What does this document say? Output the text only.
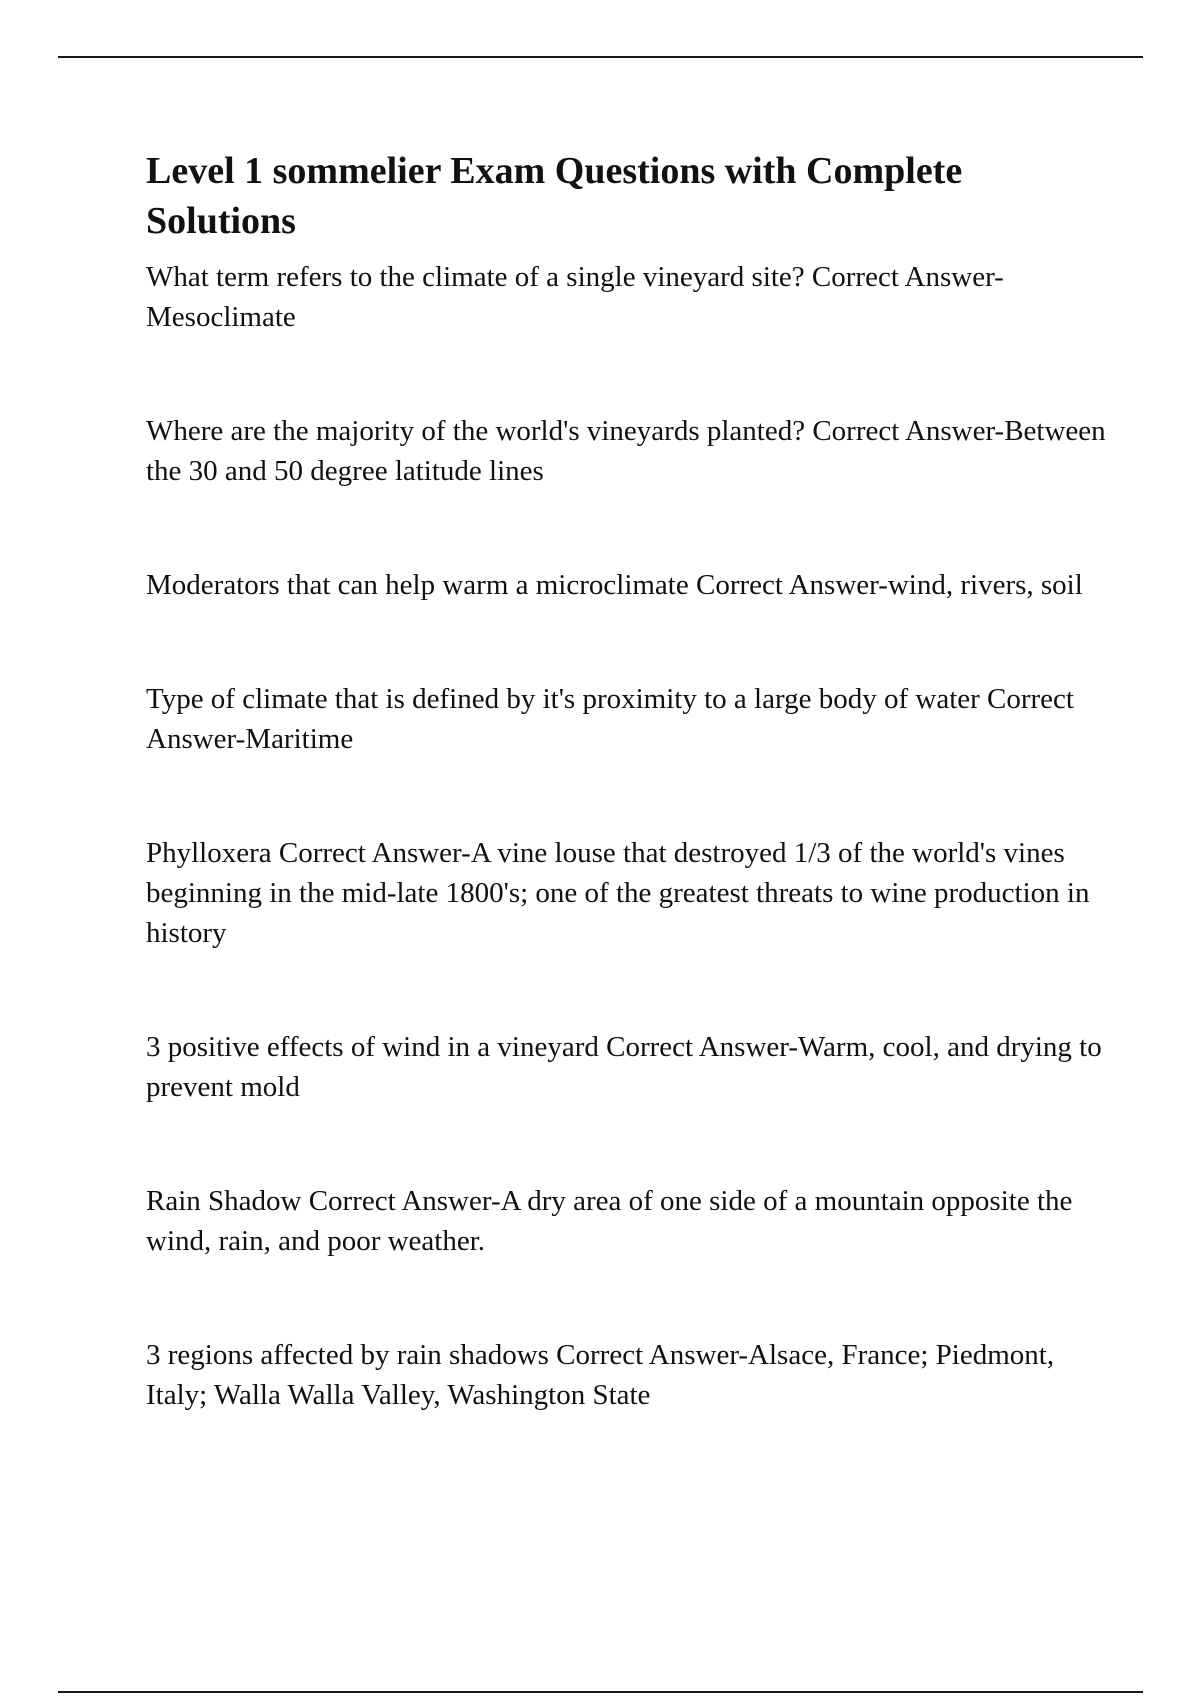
Level 1 sommelier Exam Questions with Complete Solutions

What term refers to the climate of a single vineyard site? Correct Answer-Mesoclimate

Where are the majority of the world's vineyards planted? Correct Answer-Between the 30 and 50 degree latitude lines

Moderators that can help warm a microclimate Correct Answer-wind, rivers, soil

Type of climate that is defined by it's proximity to a large body of water Correct Answer-Maritime

Phylloxera Correct Answer-A vine louse that destroyed 1/3 of the world's vines beginning in the mid-late 1800's; one of the greatest threats to wine production in history

3 positive effects of wind in a vineyard Correct Answer-Warm, cool, and drying to prevent mold

Rain Shadow Correct Answer-A dry area of one side of a mountain opposite the wind, rain, and poor weather.

3 regions affected by rain shadows Correct Answer-Alsace, France; Piedmont, Italy; Walla Walla Valley, Washington State
